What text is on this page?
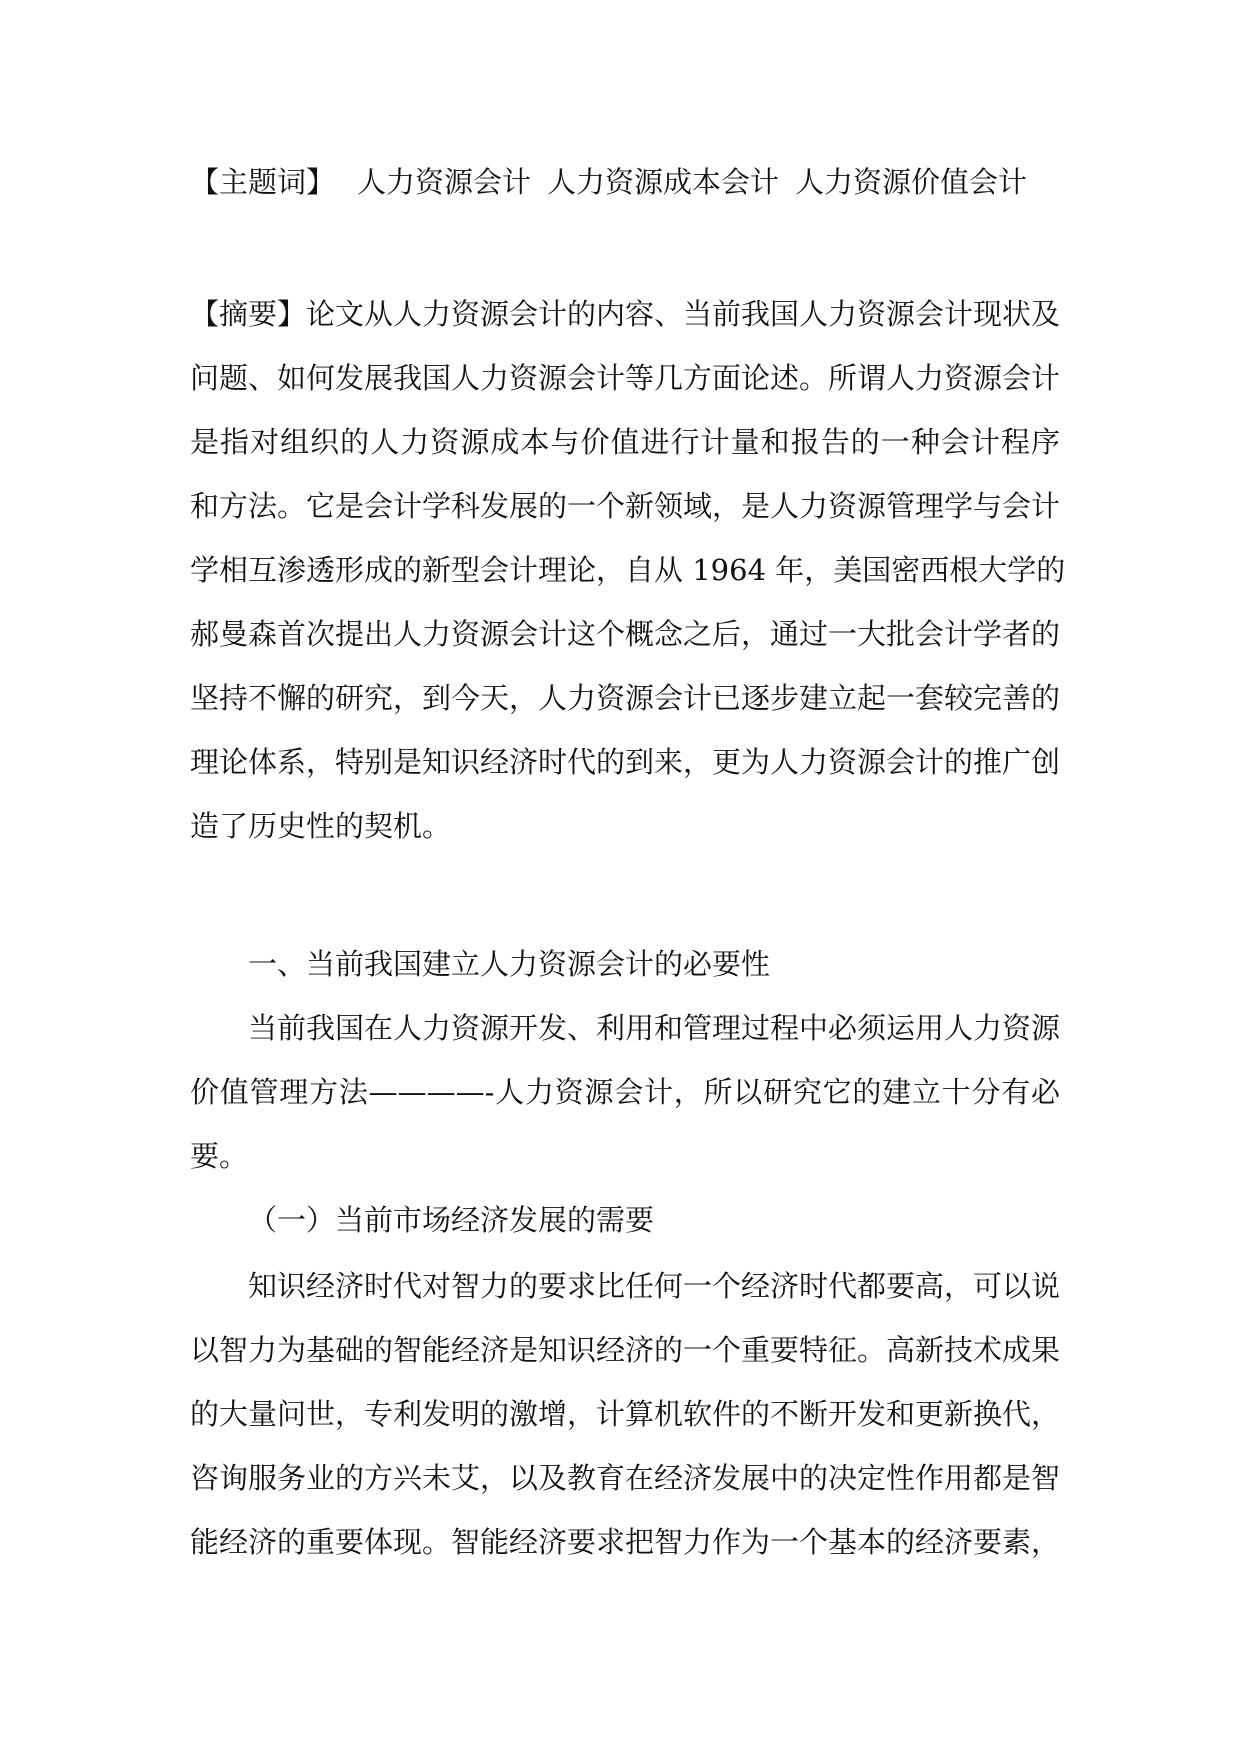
【主题词】 人力资源会计 人力资源成本会计 人力资源价值会计
【摘要】论文从人力资源会计的内容、当前我国人力资源会计现状及
问题、如何发展我国人力资源会计等几方面论述。所谓人力资源会计
是指对组织的人力资源成本与价值进行计量和报告的一种会计程序
和方法。它是会计学科发展的一个新领域，是人力资源管理学与会计
学相互渗透形成的新型会计理论，自从 1964 年，美国密西根大学的
郝曼森首次提出人力资源会计这个概念之后，通过一大批会计学者的
坚持不懈的研究，到今天，人力资源会计已逐步建立起一套较完善的
理论体系，特别是知识经济时代的到来，更为人力资源会计的推广创
造了历史性的契机。
一、当前我国建立人力资源会计的必要性
当前我国在人力资源开发、利用和管理过程中必须运用人力资源
价值管理方法————-人力资源会计，所以研究它的建立十分有必
要。
（一）当前市场经济发展的需要
知识经济时代对智力的要求比任何一个经济时代都要高，可以说
以智力为基础的智能经济是知识经济的一个重要特征。高新技术成果
的大量问世，专利发明的激增，计算机软件的不断开发和更新换代，
咨询服务业的方兴未艾，以及教育在经济发展中的决定性作用都是智
能经济的重要体现。智能经济要求把智力作为一个基本的经济要素，
